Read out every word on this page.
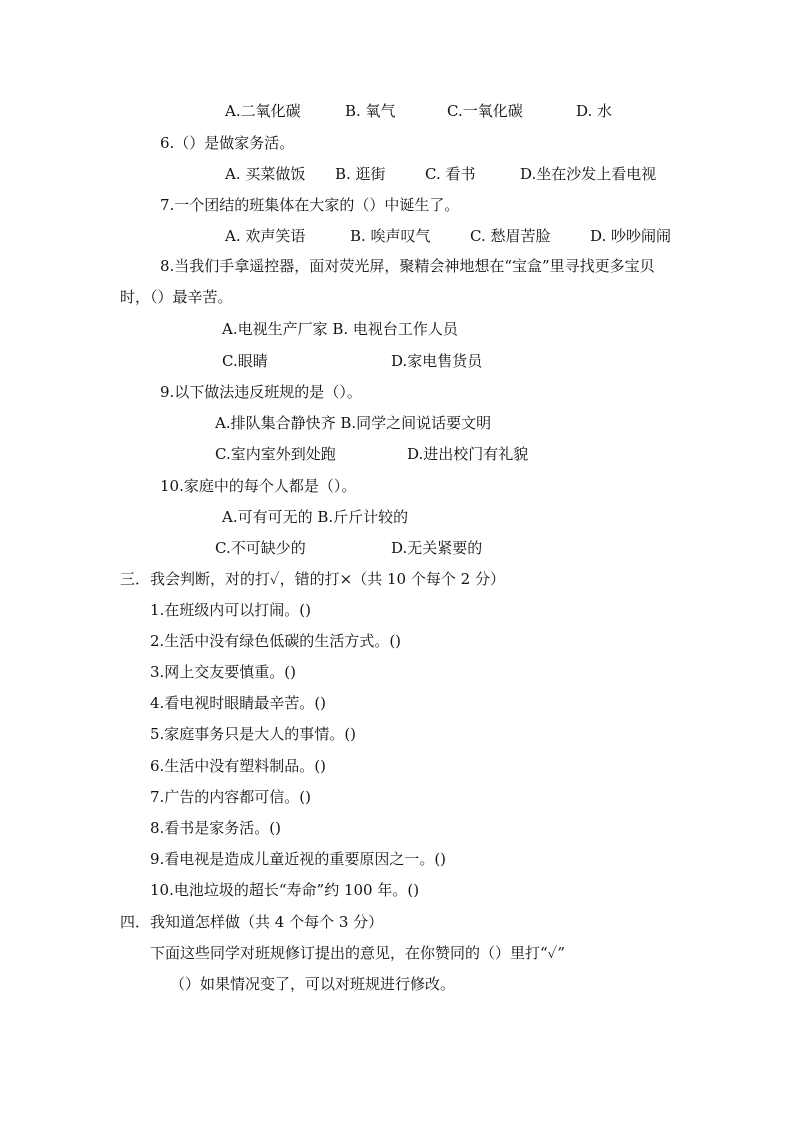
A.二氧化碳	B. 氧气	C.一氧化碳	D. 水
6.（）是做家务活。
A. 买菜做饭 B. 逛街	C. 看书	D.坐在沙发上看电视
7.一个团结的班集体在大家的（）中诞生了。
A. 欢声笑语	B. 唉声叹气	C. 愁眉苦脸	D. 吵吵闹闹
8.当我们手拿遥控器，面对荧光屏，聚精会神地想在“宝盒”里寻找更多宝贝时，（）最辛苦。
A.电视生产厂家 B. 电视台工作人员
C.眼睛	D.家电售货员
9.以下做法违反班规的是（）。
A.排队集合静快齐 B.同学之间说话要文明
C.室内室外到处跑	D.进出校门有礼貌
10.家庭中的每个人都是（）。
A.可有可无的 B.斤斤计较的
C.不可缺少的	D.无关紧要的
三．我会判断，对的打✓，错的打×（共 10 个每个 2 分）
1.在班级内可以打闹。()
2.生活中没有绿色低碳的生活方式。()
3.网上交友要慎重。()
4.看电视时眼睛最辛苦。()
5.家庭事务只是大人的事情。()
6.生活中没有塑料制品。()
7.广告的内容都可信。()
8.看书是家务活。()
9.看电视是造成儿童近视的重要原因之一。()
10.电池垃圾的超长“寿命”约 100 年。()
四．我知道怎样做（共 4 个每个 3 分）
下面这些同学对班规修订提出的意见，在你赞同的（）里打“✓”
（）如果情况变了，可以对班规进行修改。
